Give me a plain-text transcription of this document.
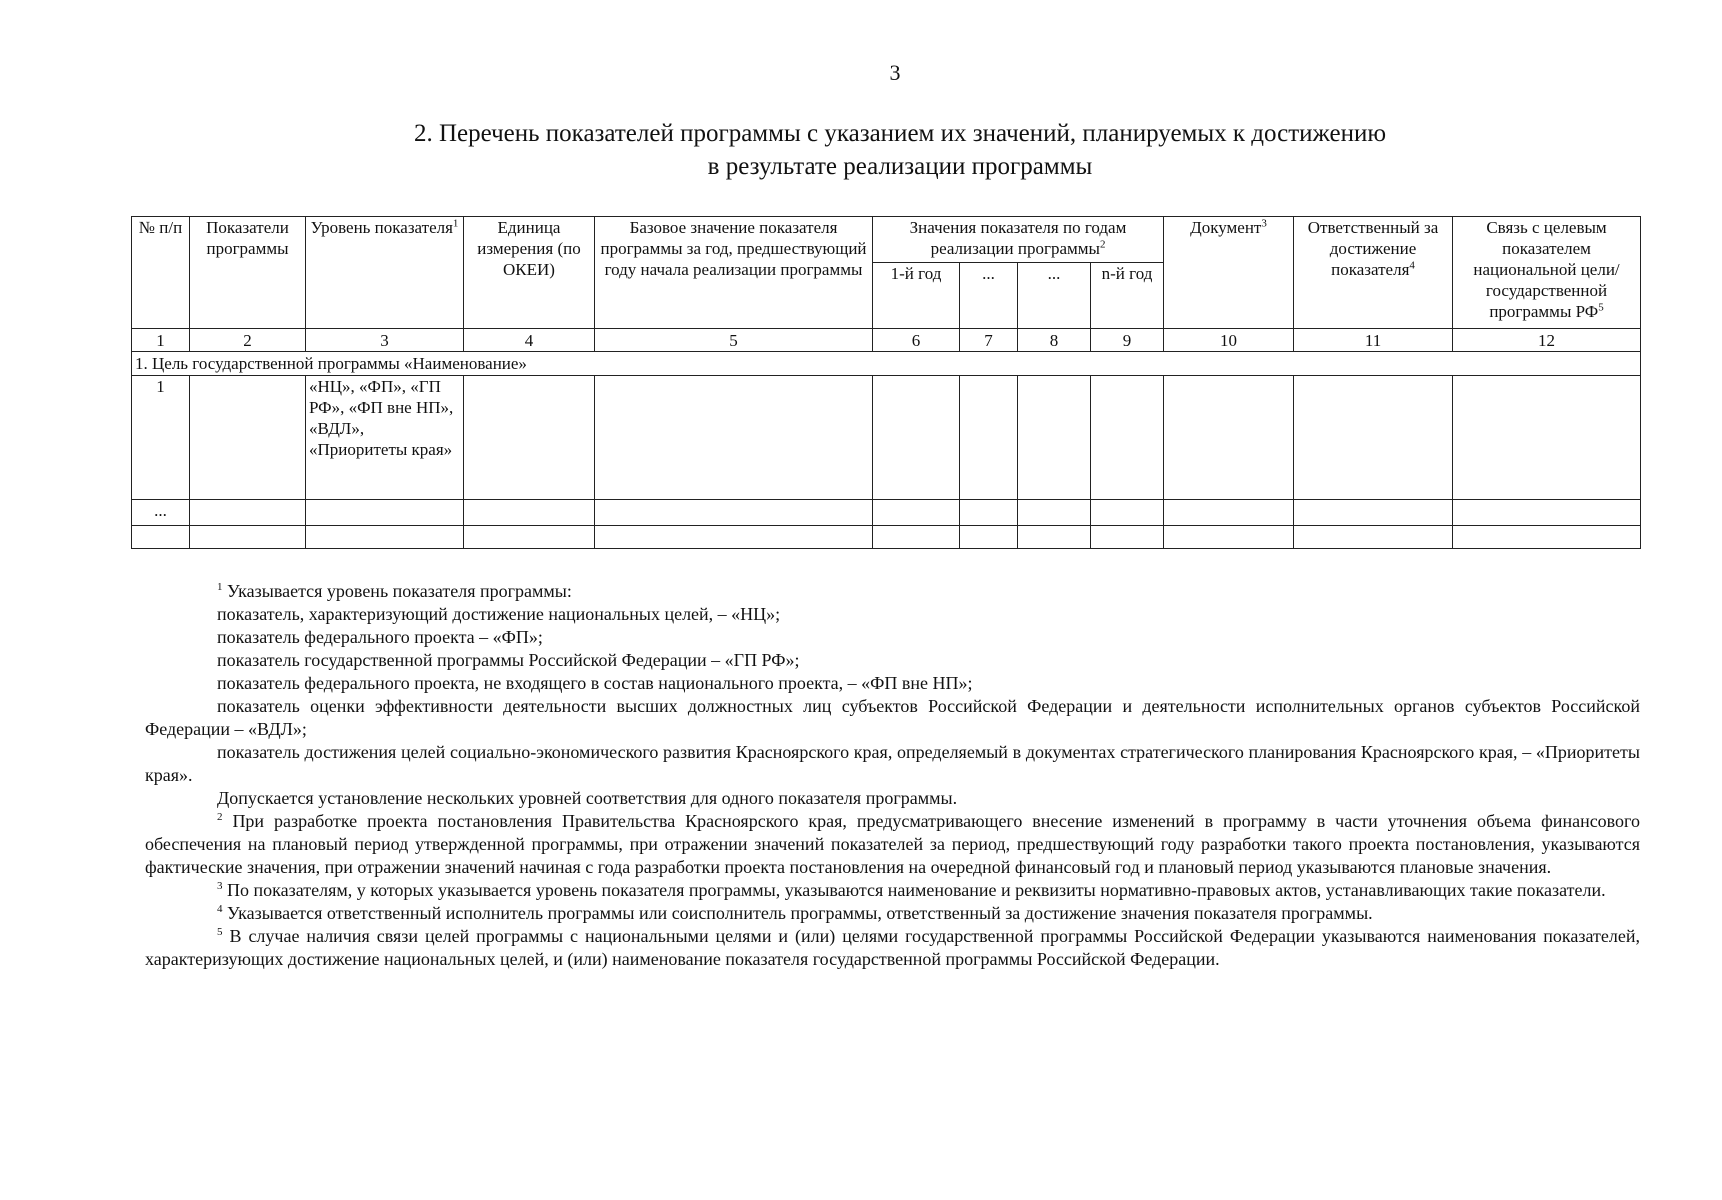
3
2. Перечень показателей программы с указанием их значений, планируемых к достижению
в результате реализации программы
№ п/п	Показатели программы	Уровень показателя$^1$	Единица измерения (по ОКЕИ)	Базовое значение показателя программы за год, предшествующий году начала реализации программы	Значения показателя по годам реализации программы$^2$				Документ$^3$	Ответственный за достижение показателя$^4$	Связь с целевым показателем национальной цели/ государственной программы $РФ^5$
					1-й год	...	...	n-й год			
1	2	3	4	5	6	7	8	9	10	11	12
1. Цель государственной программы «Наименование»											
1		«НЦ», «ФП», «ГП РФ», «ФП вне НП», «ВДЛ», «Приоритеты края»									
...											

$^1$ Указывается уровень показателя программы:

показатель, характеризующий достижение национальных целей, – «НЦ»;

показатель федерального проекта – «ФП»;

показатель государственной программы Российской Федерации – «ГП РФ»;

показатель федерального проекта, не входящего в состав национального проекта, – «ФП вне НП»;

показатель оценки эффективности деятельности высших должностных лиц субъектов Российской Федерации и деятельности исполнительных органов субъектов Российской Федерации – «ВДЛ»;

показатель достижения целей социально-экономического развития Красноярского края, определяемый в документах стратегического планирования Красноярского края, – «Приоритеты края».

Допускается установление нескольких уровней соответствия для одного показателя программы.

$^2$ При разработке проекта постановления Правительства Красноярского края, предусматривающего внесение изменений в программу в части уточнения объема финансового обеспечения на плановый период утвержденной программы, при отражении значений показателей за период, предшествующий году разработки такого проекта постановления, указываются фактические значения, при отражении значений начиная с года разработки проекта постановления на очередной финансовый год и плановый период указываются плановые значения.

$^3$ По показателям, у которых указывается уровень показателя программы, указываются наименование и реквизиты нормативно-правовых актов, устанавливающих такие показатели.

$^4$ Указывается ответственный исполнитель программы или соисполнитель программы, ответственный за достижение значения показателя программы.

$^5$ В случае наличия связи целей программы с национальными целями и (или) целями государственной программы Российской Федерации указываются наименования показателей, характеризующих достижение национальных целей, и (или) наименование показателя государственной программы Российской Федерации.
